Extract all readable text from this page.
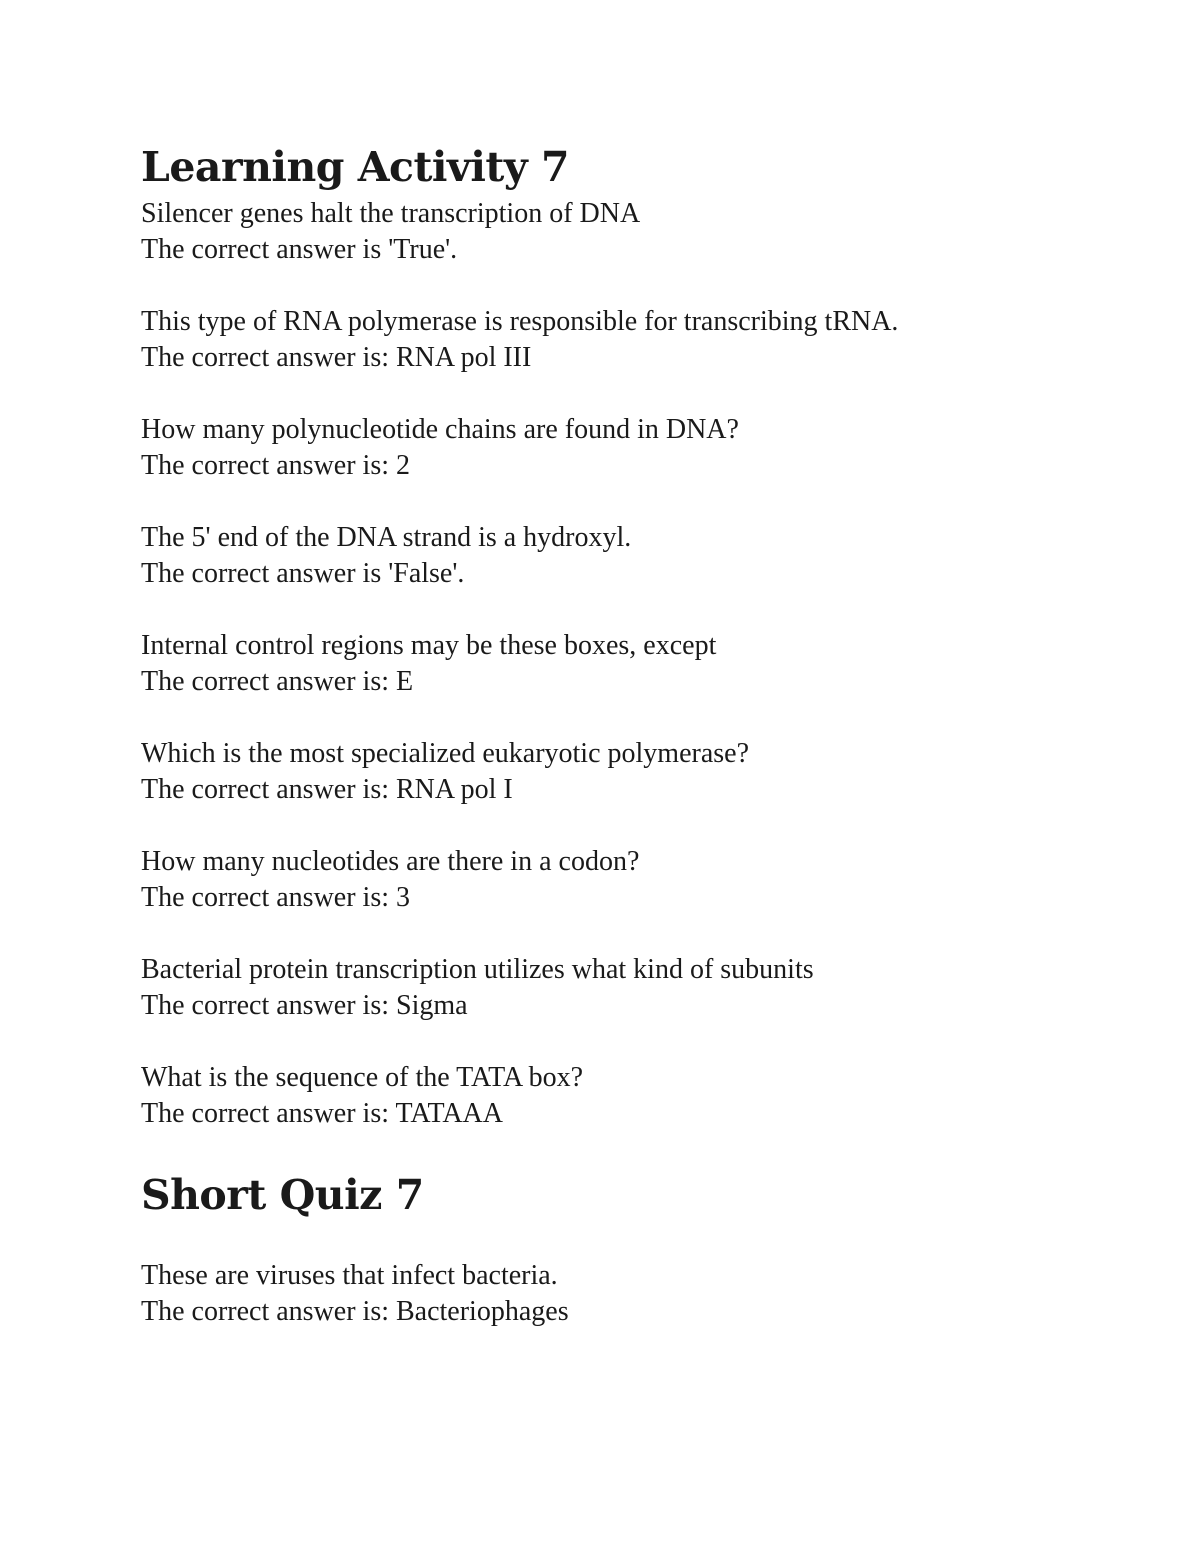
Learning Activity 7

Silencer genes halt the transcription of DNA

The correct answer is 'True'.

This type of RNA polymerase is responsible for transcribing tRNA.

The correct answer is: RNA pol III

How many polynucleotide chains are found in DNA?

The correct answer is: 2

The 5' end of the DNA strand is a hydroxyl.

The correct answer is 'False'.

Internal control regions may be these boxes, except

The correct answer is: E

Which is the most specialized eukaryotic polymerase?

The correct answer is: RNA pol I

How many nucleotides are there in a codon?

The correct answer is: 3

Bacterial protein transcription utilizes what kind of subunits

The correct answer is: Sigma

What is the sequence of the TATA box?

The correct answer is: TATAAA

Short Quiz 7

These are viruses that infect bacteria.

The correct answer is: Bacteriophages
